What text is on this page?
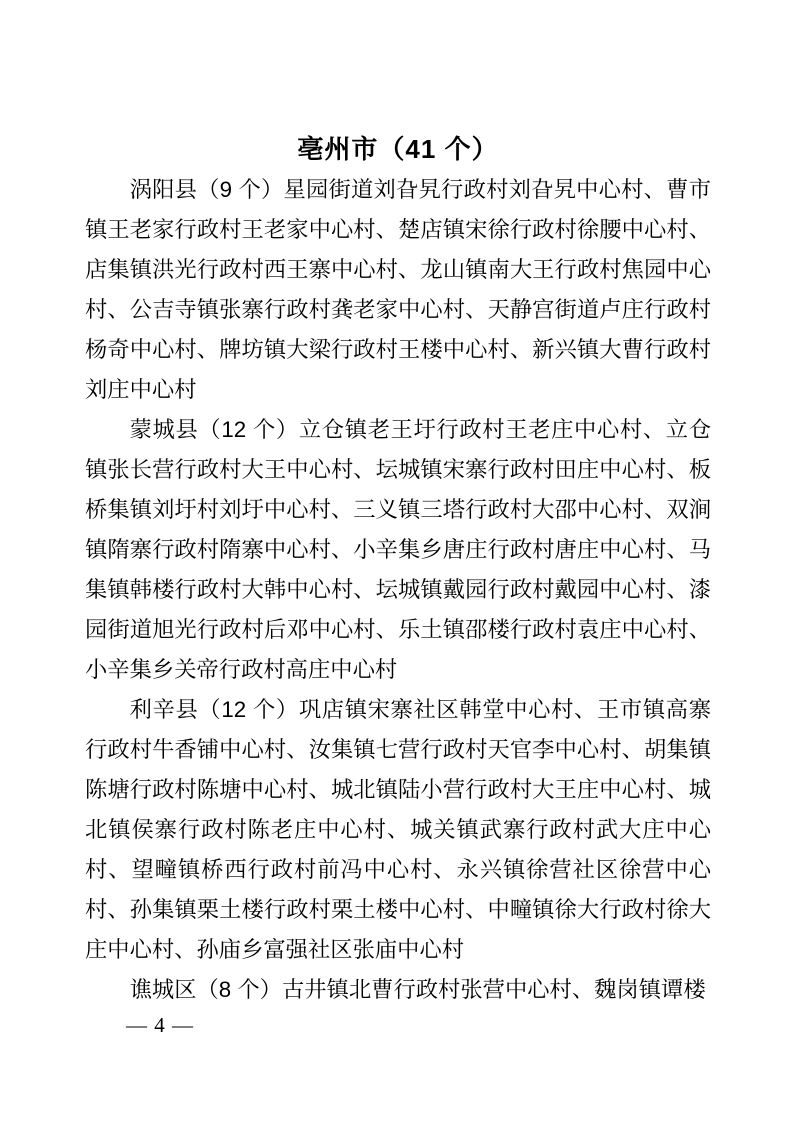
亳州市（41 个）

涡阳县（9 个）星园街道刘旮旯行政村刘旮旯中心村、曹市镇王老家行政村王老家中心村、楚店镇宋徐行政村徐腰中心村、店集镇洪光行政村西王寨中心村、龙山镇南大王行政村焦园中心村、公吉寺镇张寨行政村龚老家中心村、天静宫街道卢庄行政村杨奇中心村、牌坊镇大梁行政村王楼中心村、新兴镇大曹行政村刘庄中心村

蒙城县（12 个）立仓镇老王圩行政村王老庄中心村、立仓镇张长营行政村大王中心村、坛城镇宋寨行政村田庄中心村、板桥集镇刘圩村刘圩中心村、三义镇三塔行政村大邵中心村、双涧镇隋寨行政村隋寨中心村、小辛集乡唐庄行政村唐庄中心村、马集镇韩楼行政村大韩中心村、坛城镇戴园行政村戴园中心村、漆园街道旭光行政村后邓中心村、乐土镇邵楼行政村袁庄中心村、小辛集乡关帝行政村高庄中心村

利辛县（12 个）巩店镇宋寨社区韩堂中心村、王市镇高寨行政村牛香铺中心村、汝集镇七营行政村天官李中心村、胡集镇陈塘行政村陈塘中心村、城北镇陆小营行政村大王庄中心村、城北镇侯寨行政村陈老庄中心村、城关镇武寨行政村武大庄中心村、望疃镇桥西行政村前冯中心村、永兴镇徐营社区徐营中心村、孙集镇栗土楼行政村栗土楼中心村、中疃镇徐大行政村徐大庄中心村、孙庙乡富强社区张庙中心村

谯城区（8 个）古井镇北曹行政村张营中心村、魏岗镇谭楼

— 4 —
